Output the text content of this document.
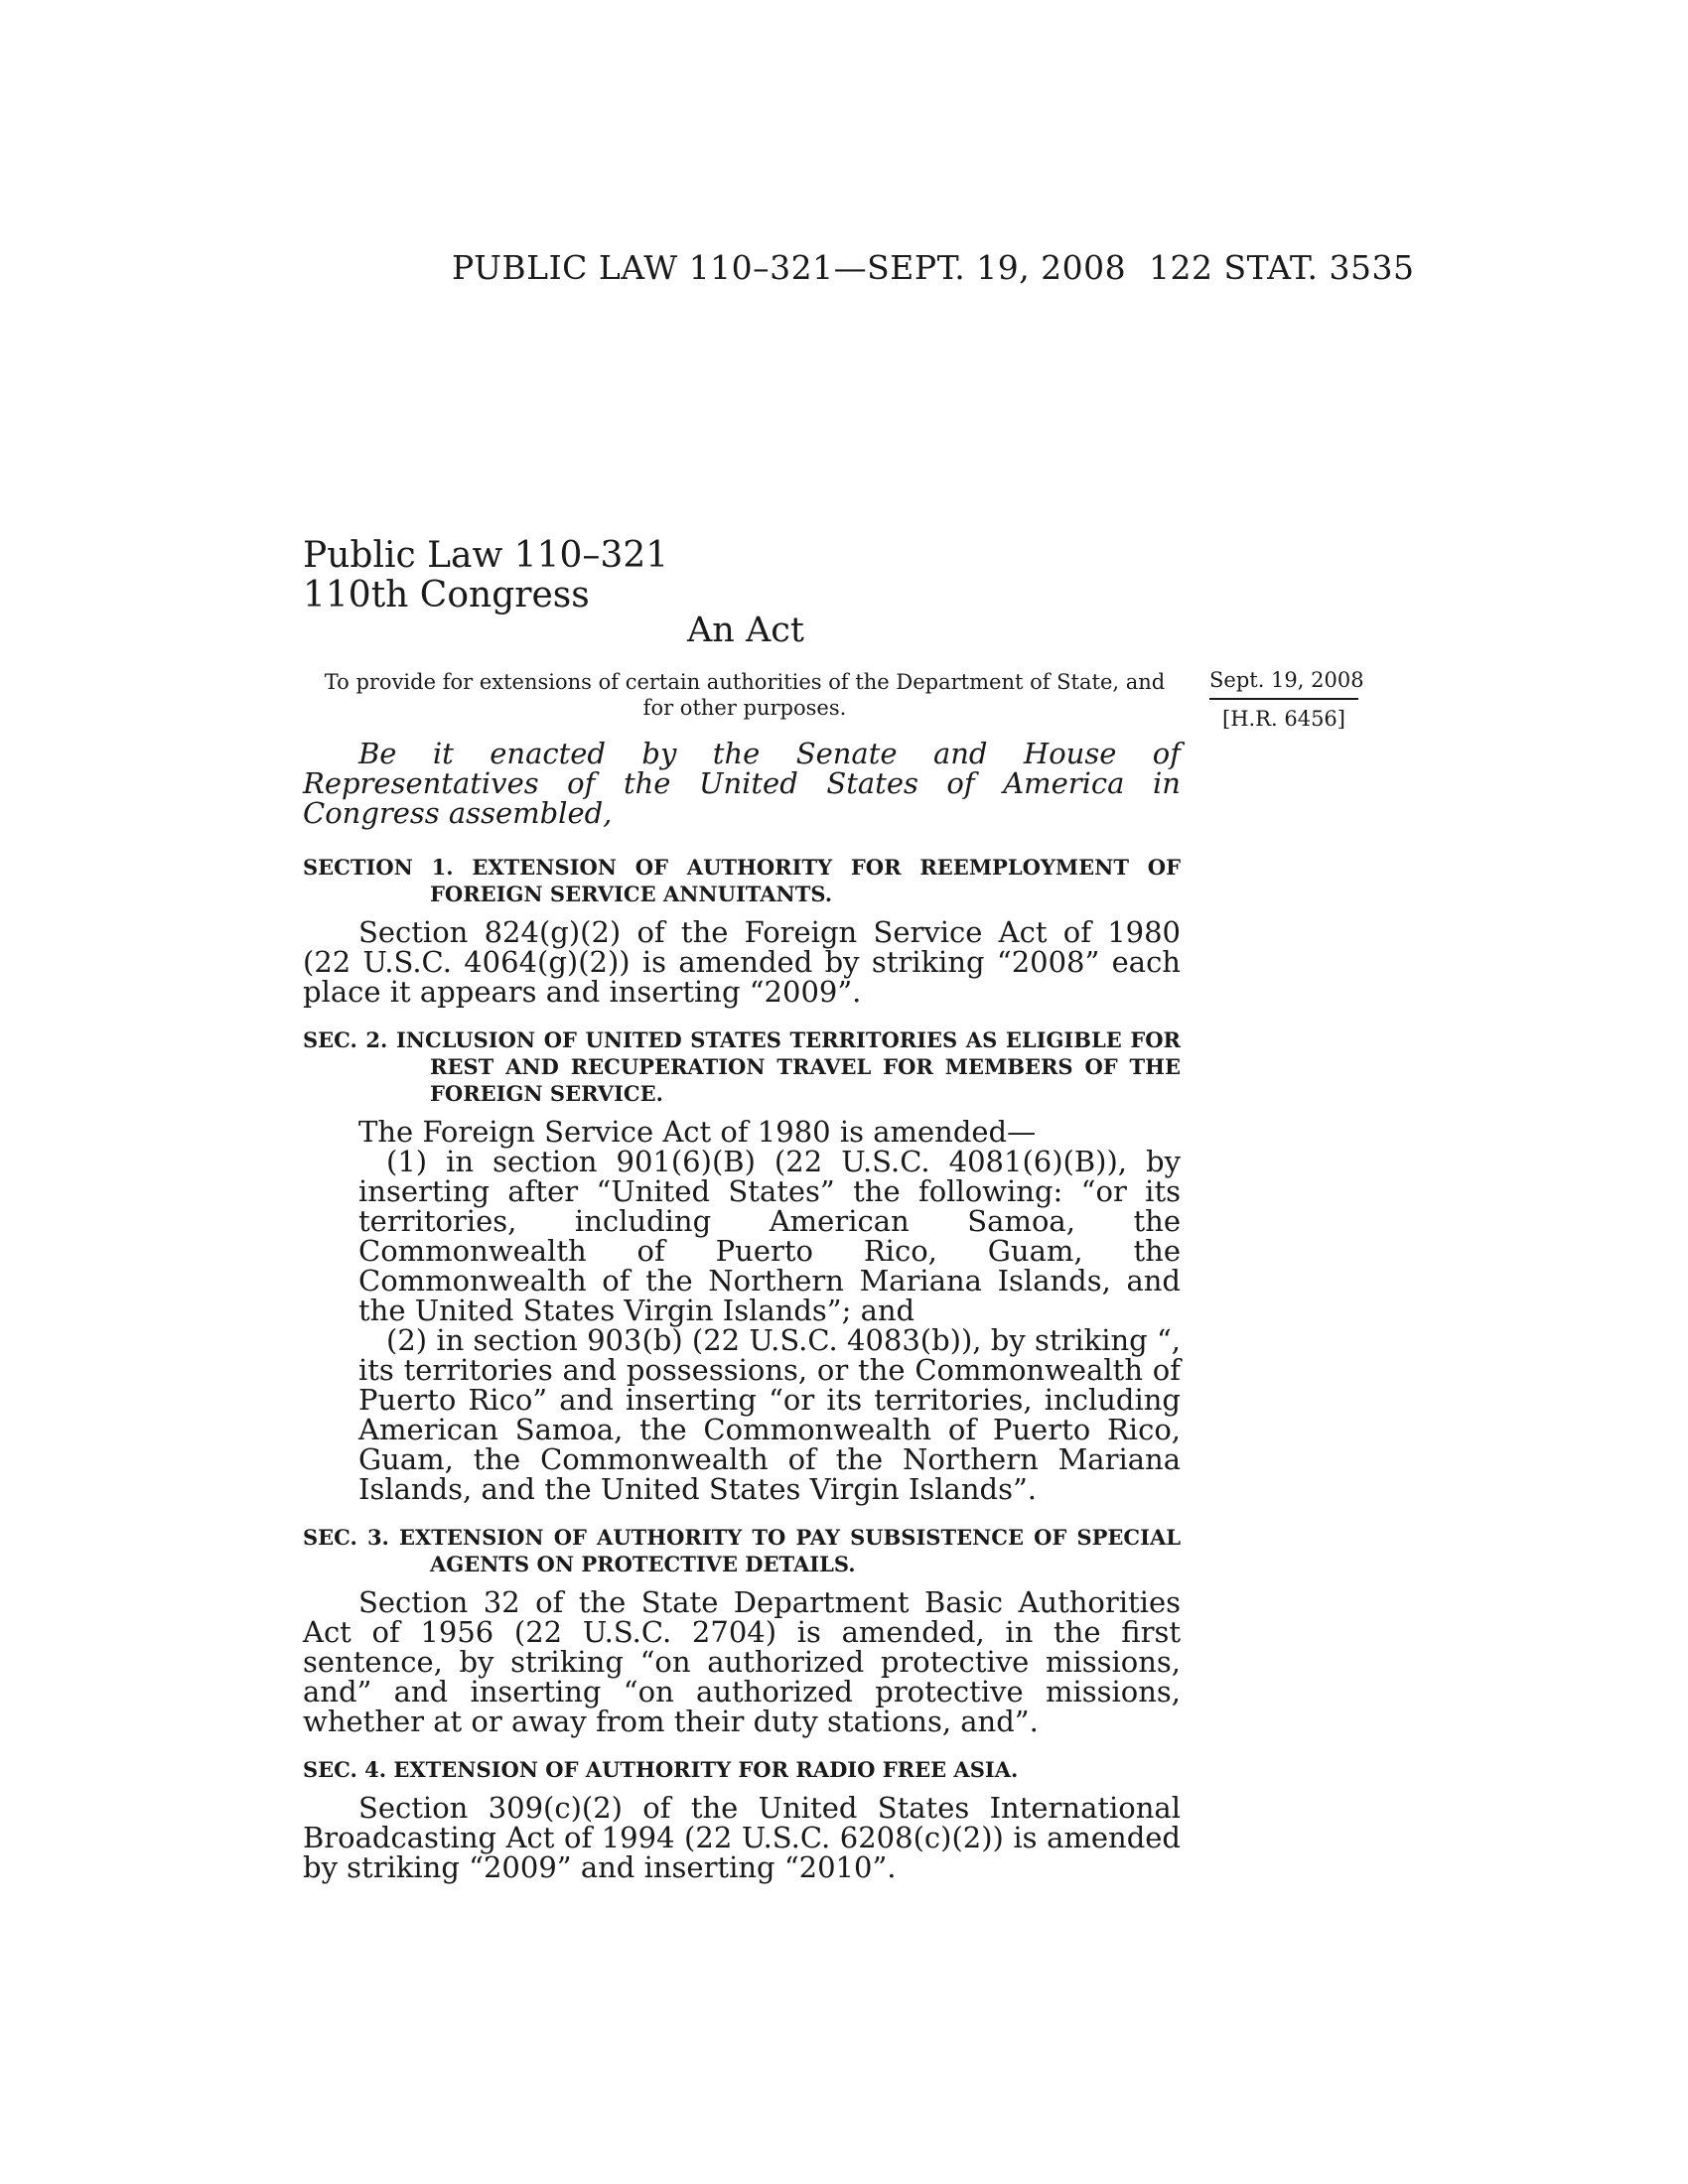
PUBLIC LAW 110–321—SEPT. 19, 2008 122 STAT. 3535
Public Law 110–321
110th Congress
An Act
To provide for extensions of certain authorities of the Department of State, and for other purposes.
Sept. 19, 2008
[H.R. 6456]

Be it enacted by the Senate and House of Representatives of the United States of America in Congress assembled,

SECTION 1. EXTENSION OF AUTHORITY FOR REEMPLOYMENT OF FOREIGN SERVICE ANNUITANTS.

Section 824(g)(2) of the Foreign Service Act of 1980 (22 U.S.C. 4064(g)(2)) is amended by striking “2008” each place it appears and inserting “2009”.

SEC. 2. INCLUSION OF UNITED STATES TERRITORIES AS ELIGIBLE FOR REST AND RECUPERATION TRAVEL FOR MEMBERS OF THE FOREIGN SERVICE.

The Foreign Service Act of 1980 is amended—

(1) in section 901(6)(B) (22 U.S.C. 4081(6)(B)), by inserting after “United States” the following: “or its territories, including American Samoa, the Commonwealth of Puerto Rico, Guam, the Commonwealth of the Northern Mariana Islands, and the United States Virgin Islands”; and

(2) in section 903(b) (22 U.S.C. 4083(b)), by striking “, its territories and possessions, or the Commonwealth of Puerto Rico” and inserting “or its territories, including American Samoa, the Commonwealth of Puerto Rico, Guam, the Commonwealth of the Northern Mariana Islands, and the United States Virgin Islands”.

SEC. 3. EXTENSION OF AUTHORITY TO PAY SUBSISTENCE OF SPECIAL AGENTS ON PROTECTIVE DETAILS.

Section 32 of the State Department Basic Authorities Act of 1956 (22 U.S.C. 2704) is amended, in the first sentence, by striking “on authorized protective missions, and” and inserting “on authorized protective missions, whether at or away from their duty stations, and”.

SEC. 4. EXTENSION OF AUTHORITY FOR RADIO FREE ASIA.

Section 309(c)(2) of the United States International Broadcasting Act of 1994 (22 U.S.C. 6208(c)(2)) is amended by striking “2009” and inserting “2010”.
